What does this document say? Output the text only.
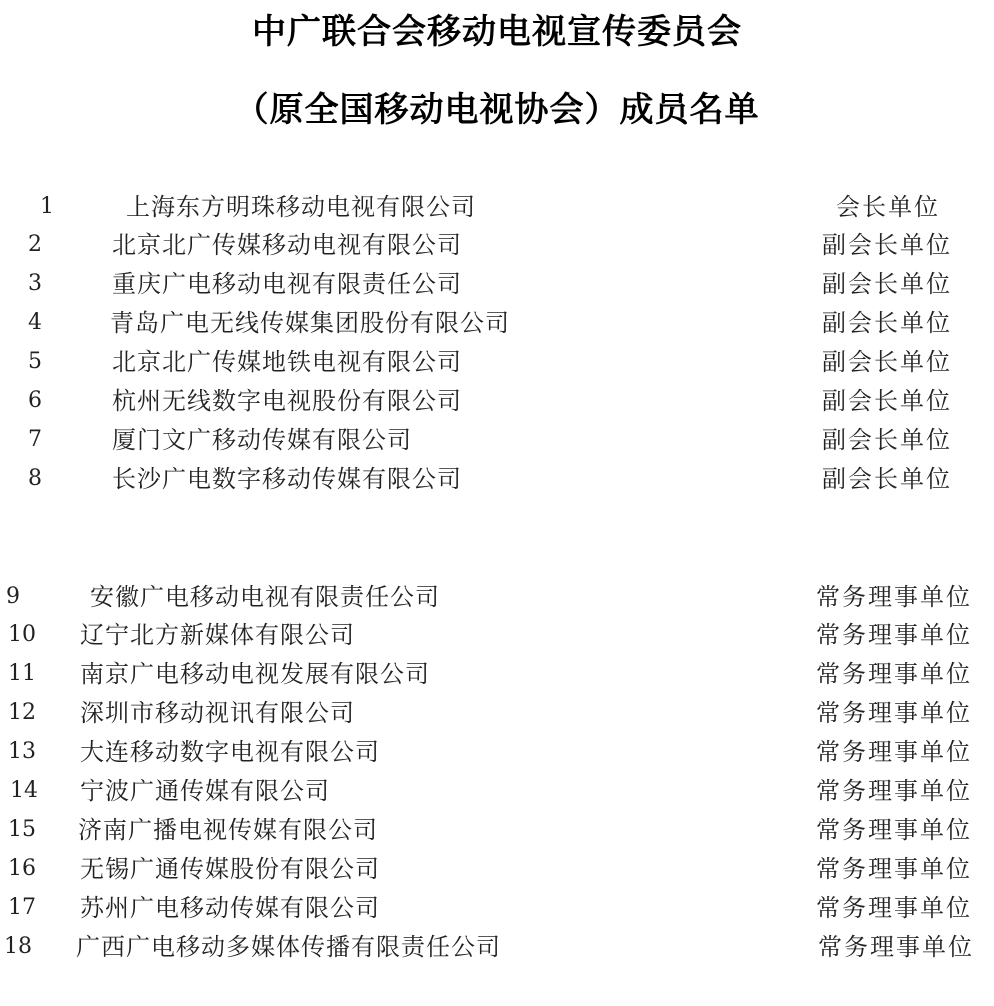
中广联合会移动电视宣传委员会
（原全国移动电视协会）成员名单
1	上海东方明珠移动电视有限公司	会长单位
2	北京北广传媒移动电视有限公司	副会长单位
3	重庆广电移动电视有限责任公司	副会长单位
4	青岛广电无线传媒集团股份有限公司	副会长单位
5	北京北广传媒地铁电视有限公司	副会长单位
6	杭州无线数字电视股份有限公司	副会长单位
7	厦门文广移动传媒有限公司	副会长单位
8	长沙广电数字移动传媒有限公司	副会长单位
9	安徽广电移动电视有限责任公司	常务理事单位
10 辽宁北方新媒体有限公司	常务理事单位
11 南京广电移动电视发展有限公司	常务理事单位
12 深圳市移动视讯有限公司	常务理事单位
13 大连移动数字电视有限公司	常务理事单位
14 宁波广通传媒有限公司	常务理事单位
15 济南广播电视传媒有限公司	常务理事单位
16 无锡广通传媒股份有限公司	常务理事单位
17 苏州广电移动传媒有限公司	常务理事单位
18 广西广电移动多媒体传播有限责任公司	常务理事单位
